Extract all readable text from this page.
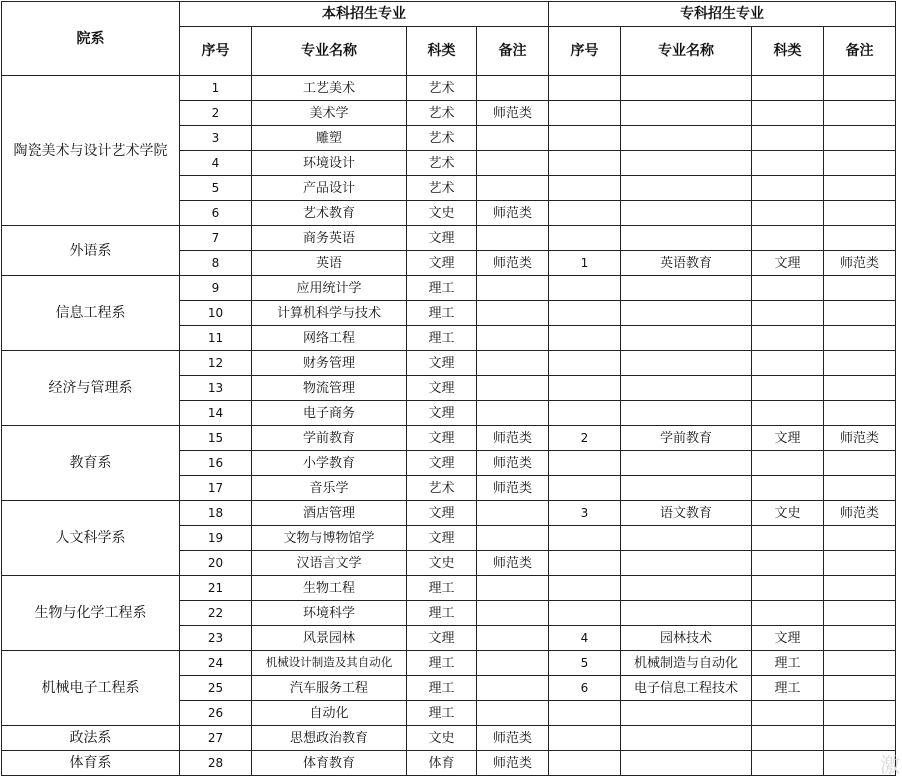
院系	本科招生专业				专科招生专业			
	序号	专业名称	科类	备注	序号	专业名称	科类	备注
陶瓷美术与设计艺术学院	1	工艺美术	艺术					
	2	美术学	艺术	师范类				
	3	雕塑	艺术					
	4	环境设计	艺术					
	5	产品设计	艺术					
	6	艺术教育	文史	师范类				
外语系	7	商务英语	文理					
	8	英语	文理	师范类	1	英语教育	文理	师范类
信息工程系	9	应用统计学	理工					
	10	计算机科学与技术	理工					
	11	网络工程	理工					
经济与管理系	12	财务管理	文理					
	13	物流管理	文理					
	14	电子商务	文理					
教育系	15	学前教育	文理	师范类	2	学前教育	文理	师范类
	16	小学教育	文理	师范类				
	17	音乐学	艺术	师范类				
人文科学系	18	酒店管理	文理		3	语文教育	文史	师范类
	19	文物与博物馆学	文理					
	20	汉语言文学	文史	师范类				
生物与化学工程系	21	生物工程	理工					
	22	环境科学	理工					
	23	风景园林	文理		4	园林技术	文理	
机械电子工程系	24	机械设计制造及其自动化	理工		5	机械制造与自动化	理工	
	25	汽车服务工程	理工		6	电子信息工程技术	理工	
	26	自动化	理工					
政法系	27	思想政治教育	文史	师范类				
体育系	28	体育教育	体育	师范类					激
